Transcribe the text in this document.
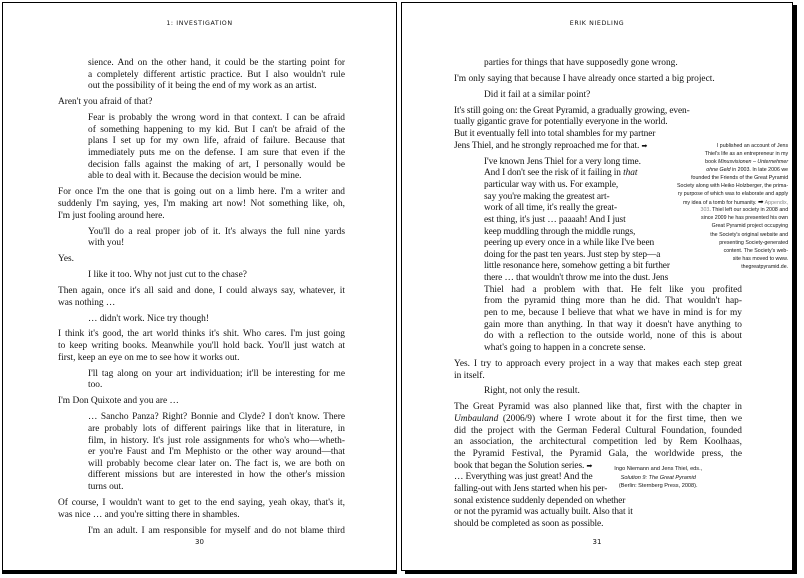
1: INVESTIGATION
sience. And on the other hand, it could be the starting point for
a completely different artistic practice. But I also wouldn't rule
out the possibility of it being the end of my work as an artist.
Aren't you afraid of that?
Fear is probably the wrong word in that context. I can be afraid
of something happening to my kid. But I can't be afraid of the
plans I set up for my own life, afraid of failure. Because that
immediately puts me on the defense. I am sure that even if the
decision falls against the making of art, I personally would be
able to deal with it. Because the decision would be mine.
For once I'm the one that is going out on a limb here. I'm a writer and
suddenly I'm saying, yes, I'm making art now! Not something like, oh,
I'm just fooling around here.
You'll do a real proper job of it. It's always the full nine yards
with you!
Yes.
I like it too. Why not just cut to the chase?
Then again, once it's all said and done, I could always say, whatever, it
was nothing …
… didn't work. Nice try though!
I think it's good, the art world thinks it's shit. Who cares. I'm just going
to keep writing books. Meanwhile you'll hold back. You'll just watch at
first, keep an eye on me to see how it works out.
I'll tag along on your art individuation; it'll be interesting for me
too.
I'm Don Quixote and you are …
… Sancho Panza? Right? Bonnie and Clyde? I don't know. There
are probably lots of different pairings like that in literature, in
film, in history. It's just role assignments for who's who—wheth-
er you're Faust and I'm Mephisto or the other way around—that
will probably become clear later on. The fact is, we are both on
different missions but are interested in how the other's mission
turns out.
Of course, I wouldn't want to get to the end saying, yeah okay, that's it,
was nice … and you're sitting there in shambles.
I'm an adult. I am responsible for myself and do not blame third
30
ERIK NIEDLING
parties for things that have supposedly gone wrong.
I'm only saying that because I have already once started a big project.
Did it fail at a similar point?
It's still going on: the Great Pyramid, a gradually growing, even-
tually gigantic grave for potentially everyone in the world.
But it eventually fell into total shambles for my partner
Jens Thiel, and he strongly reproached me for that. ➡
I've known Jens Thiel for a very long time.
And I don't see the risk of it failing in that
particular way with us. For example,
say you're making the greatest art-
work of all time, it's really the great-
est thing, it's just … paaaah! And I just
keep muddling through the middle rungs,
peering up every once in a while like I've been
doing for the past ten years. Just step by step—a
little resonance here, somehow getting a bit further
there … that wouldn't throw me into the dust. Jens
Thiel had a problem with that. He felt like you profited
from the pyramid thing more than he did. That wouldn't hap-
pen to me, because I believe that what we have in mind is for my
gain more than anything. In that way it doesn't have anything to
do with a reflection to the outside world, none of this is about
what's going to happen in a concrete sense.
Yes. I try to approach every project in a way that makes each step great
in itself.
Right, not only the result.
The Great Pyramid was also planned like that, first with the chapter in
Umbauland (2006/9) where I wrote about it for the first time, then we
did the project with the German Federal Cultural Foundation, founded
an association, the architectural competition led by Rem Koolhaas,
the Pyramid Festival, the Pyramid Gala, the worldwide press, the
book that began the Solution series. ➡
… Everything was just great! And the
falling-out with Jens started when his per-
sonal existence suddenly depended on whether
or not the pyramid was actually built. Also that it
should be completed as soon as possible.
I published an account of Jens
Thiel's life as an entrepreneur in my
book Minusvisionen – Unternehmer
ohne Geld in 2003. In late 2006 we
founded the Friends of the Great Pyramid
Society along with Heiko Holzberger, the prima-
ry purpose of which was to elaborate and apply
my idea of a tomb for humanity. ➡ Appendix,
303. Thiel left our society in 2008 and
since 2009 he has presented his own
Great Pyramid project occupying
the Society's original website and
presenting Society-generated
content. The Society's web-
site has moved to www.
thegreatpyramid.de.
Ingo Niemann and Jens Thiel, eds.,
Solution 9: The Great Pyramid
(Berlin: Sternberg Press, 2008).
31
